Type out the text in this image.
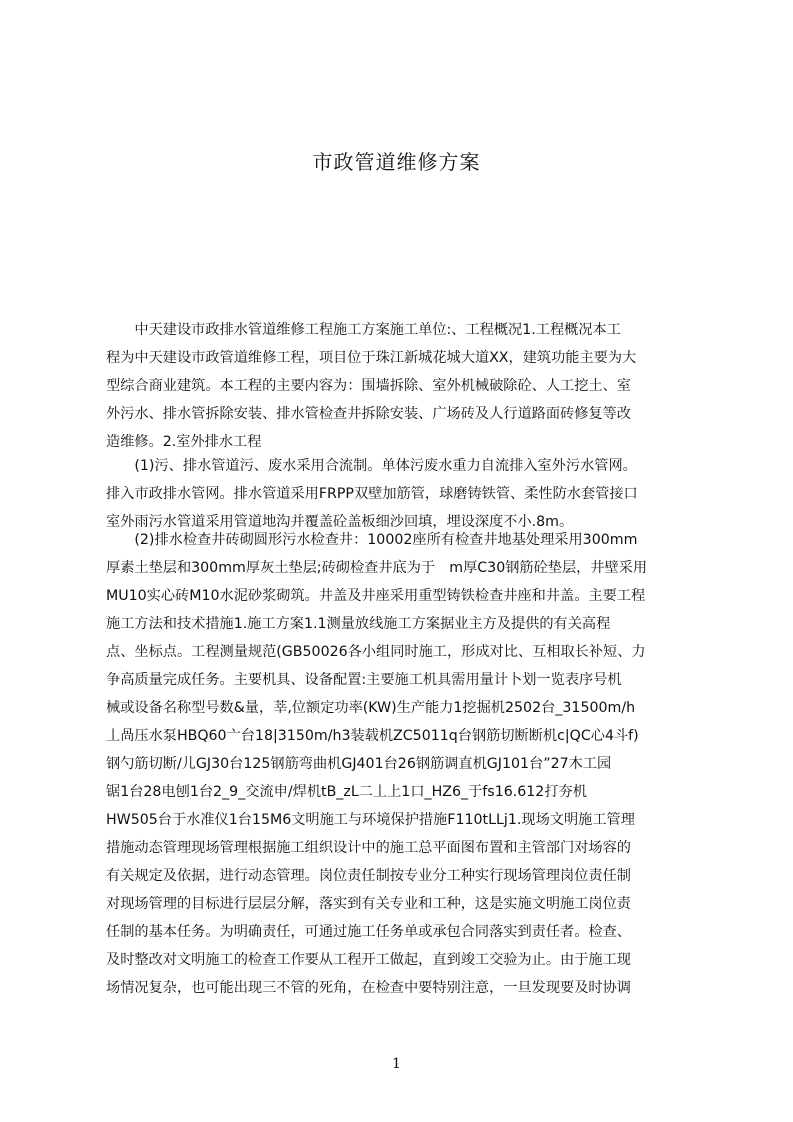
市政管道维修方案
　　中天建设市政排水管道维修工程施工方案施工单位:、工程概况1.工程概况本工
程为中天建设市政管道维修工程，项目位于珠江新城花城大道XX，建筑功能主要为大
型综合商业建筑。本工程的主要内容为：围墙拆除、室外机械破除砼、人工挖土、室
外污水、排水管拆除安装、排水管检查井拆除安装、广场砖及人行道路面砖修复等改
造维修。2.室外排水工程
　　(1)污、排水管道污、废水采用合流制。单体污废水重力自流排入室外污水管网。
排入市政排水管网。排水管道采用FRPP双壁加筋管，球磨铸铁管、柔性防水套管接口
室外雨污水管道采用管道地沟并覆盖砼盖板细沙回填，埋设深度不小.8m。
　　(2)排水检查井砖砌圆形污水检查井：10002座所有检查井地基处理采用300mm
厚素土垫层和300mm厚灰土垫层;砖砌检查井底为于　m厚C30钢筋砼垫层，井壁采用
MU10实心砖M10水泥砂浆砌筑。井盖及井座采用重型铸铁检查井座和井盖。主要工程
施工方法和技术措施1.施工方案1.1测量放线施工方案据业主方及提供的有关高程
点、坐标点。工程测量规范(GB50026各小组同时施工，形成对比、互相取长补短、力
争高质量完成任务。主要机具、设备配置:主要施工机具需用量计卜划一览表序号机
械或设备名称型号数&量，莘,位额定功率(KW)生产能力1挖掘机2502台_31500m/h
丄咼压水泵HBQ60亠台18|3150m/h3装载机ZC5011q台钢筋切断断机c|QC心4斗f)
钢勺筋切断/儿GJ30台125钢筋弯曲机GJ401台26钢筋调直机GJ101台”27木工园
锯1台28电刨1台2_9_交流申/焊机tB_zL二丄上1口_HZ6_于fs16.612打夯机
HW505台于水准仪1台15M6文明施工与环境保护措施F110tLLj1.现场文明施工管理
措施动态管理现场管理根据施工组织设计中的施工总平面图布置和主管部门对场容的
有关规定及依据，进行动态管理。岗位责任制按专业分工种实行现场管理岗位责任制
对现场管理的目标进行层层分解，落实到有关专业和工种，这是实施文明施工岗位责
任制的基本任务。为明确责任，可通过施工任务单或承包合同落实到责任者。检查、
及时整改对文明施工的检查工作要从工程开工做起，直到竣工交验为止。由于施工现
场情况复杂，也可能出现三不管的死角，在检查中要特别注意，一旦发现要及时协调
1
